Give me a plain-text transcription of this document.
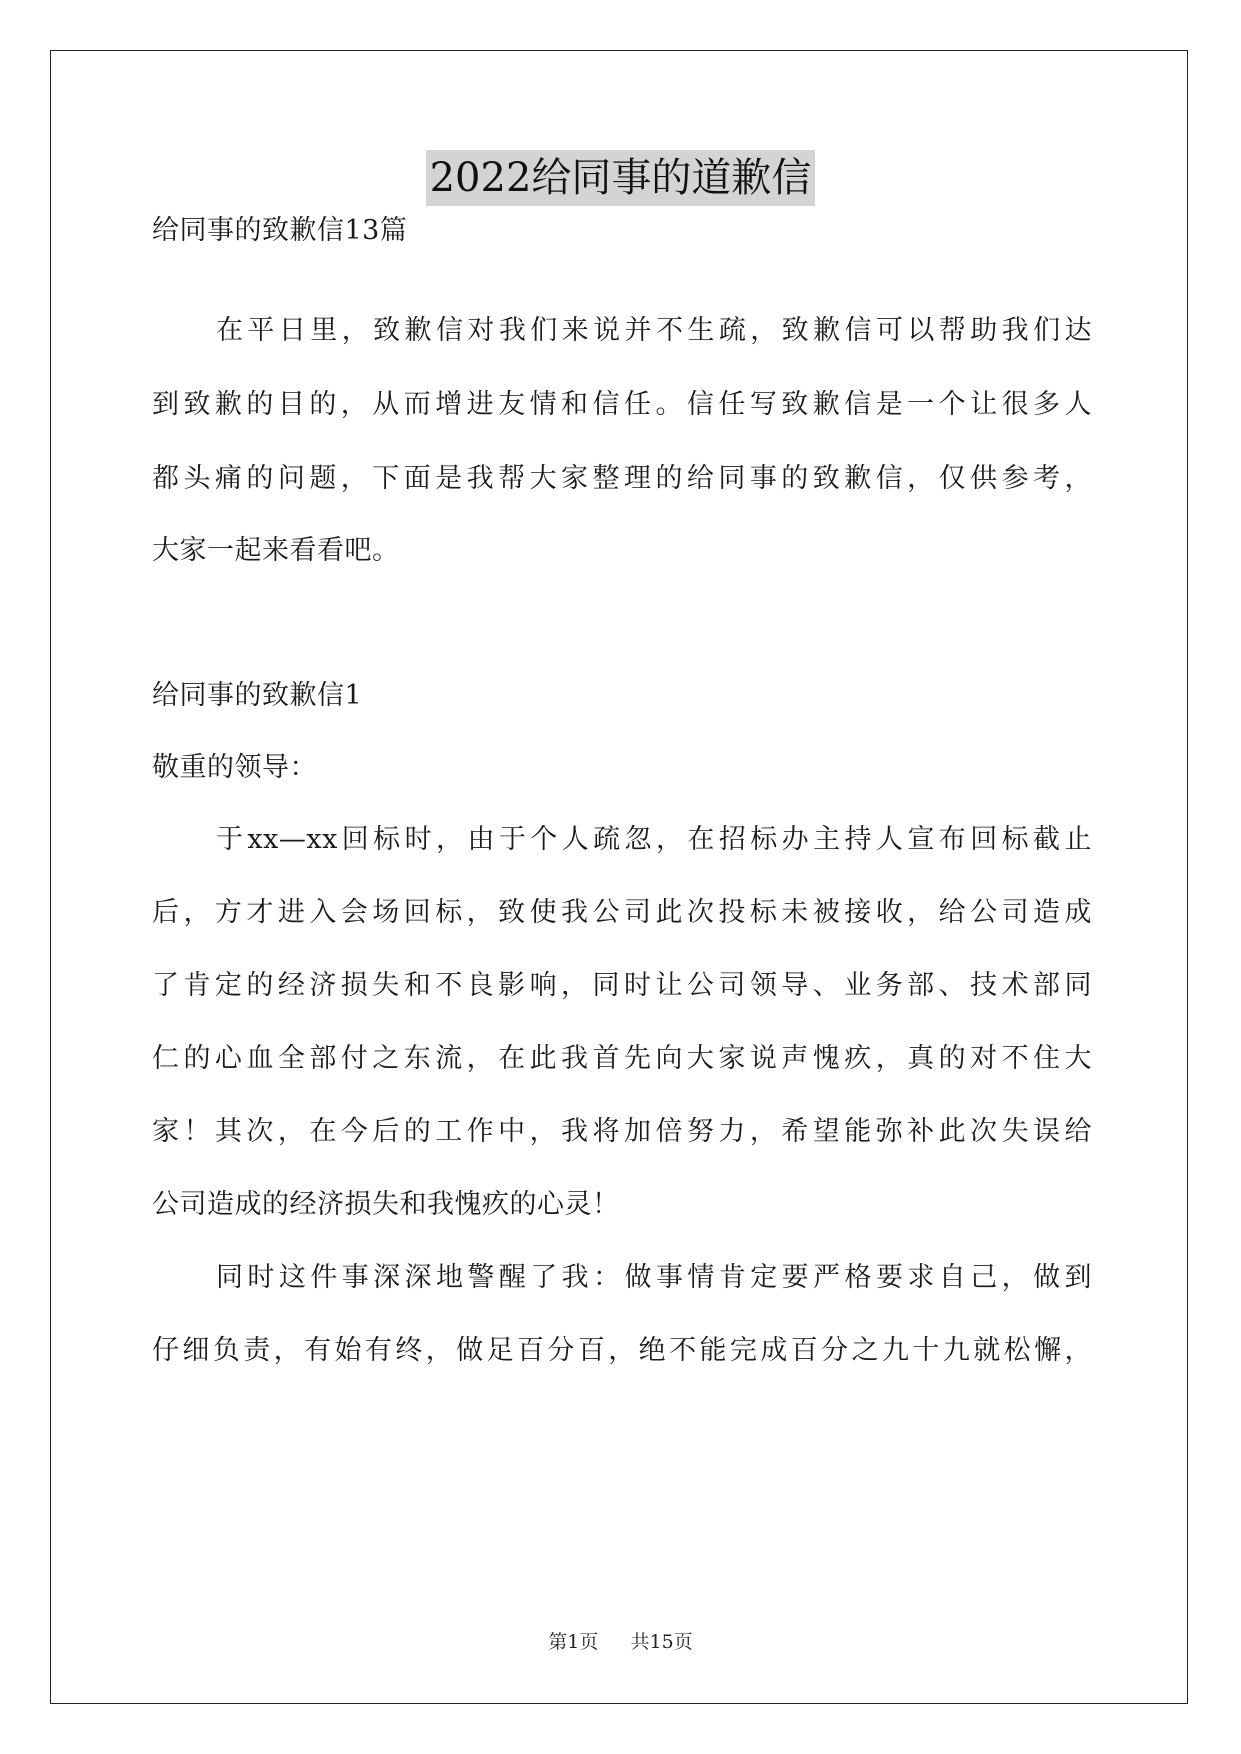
2022给同事的道歉信
给同事的致歉信13篇
在平日里，致歉信对我们来说并不生疏，致歉信可以帮助我们达
到致歉的目的，从而增进友情和信任。信任写致歉信是一个让很多人
都头痛的问题，下面是我帮大家整理的给同事的致歉信，仅供参考，
大家一起来看看吧。
给同事的致歉信1
敬重的领导：
于xx—xx回标时，由于个人疏忽，在招标办主持人宣布回标截止
后，方才进入会场回标，致使我公司此次投标未被接收，给公司造成
了肯定的经济损失和不良影响，同时让公司领导、业务部、技术部同
仁的心血全部付之东流，在此我首先向大家说声愧疚，真的对不住大
家！其次，在今后的工作中，我将加倍努力，希望能弥补此次失误给
公司造成的经济损失和我愧疚的心灵！
同时这件事深深地警醒了我：做事情肯定要严格要求自己，做到
仔细负责，有始有终，做足百分百，绝不能完成百分之九十九就松懈，
第1页 共15页
